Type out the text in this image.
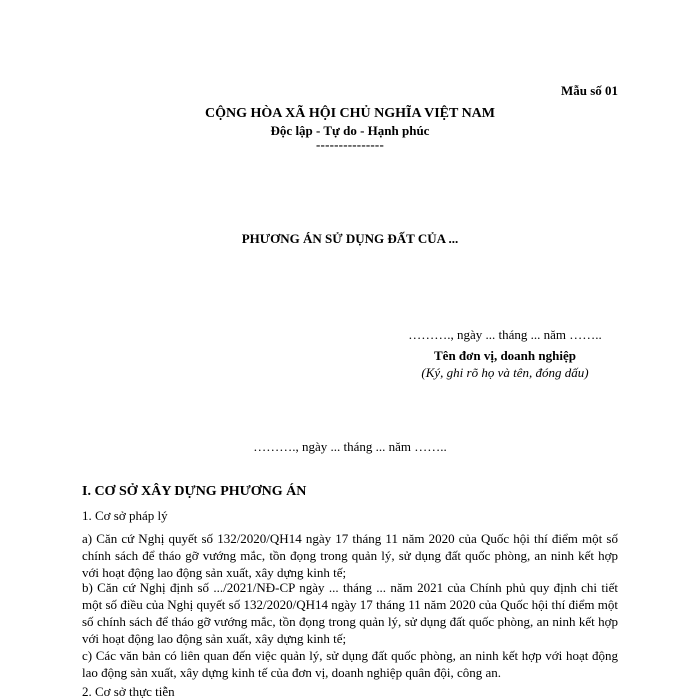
Mẫu số 01

CỘNG HÒA XÃ HỘI CHỦ NGHĨA VIỆT NAM

Độc lập - Tự do - Hạnh phúc

---------------

PHƯƠNG ÁN SỬ DỤNG ĐẤT CỦA ...

………., ngày ... tháng ... năm ……..

Tên đơn vị, doanh nghiệp

(Ký, ghi rõ họ và tên, đóng dấu)

………., ngày ... tháng ... năm ……..

I. CƠ SỞ XÂY DỰNG PHƯƠNG ÁN

1. Cơ sở pháp lý

a) Căn cứ Nghị quyết số 132/2020/QH14 ngày 17 tháng 11 năm 2020 của Quốc hội thí điểm một số chính sách để tháo gỡ vướng mắc, tồn đọng trong quản lý, sử dụng đất quốc phòng, an ninh kết hợp với hoạt động lao động sản xuất, xây dựng kinh tế;

b) Căn cứ Nghị định số .../2021/NĐ-CP ngày ... tháng ... năm 2021 của Chính phủ quy định chi tiết một số điều của Nghị quyết số 132/2020/QH14 ngày 17 tháng 11 năm 2020 của Quốc hội thí điểm một số chính sách để tháo gỡ vướng mắc, tồn đọng trong quản lý, sử dụng đất quốc phòng, an ninh kết hợp với hoạt động lao động sản xuất, xây dựng kinh tế;

c) Các văn bản có liên quan đến việc quản lý, sử dụng đất quốc phòng, an ninh kết hợp với hoạt động lao động sản xuất, xây dựng kinh tế của đơn vị, doanh nghiệp quân đội, công an.

2. Cơ sở thực tiễn
